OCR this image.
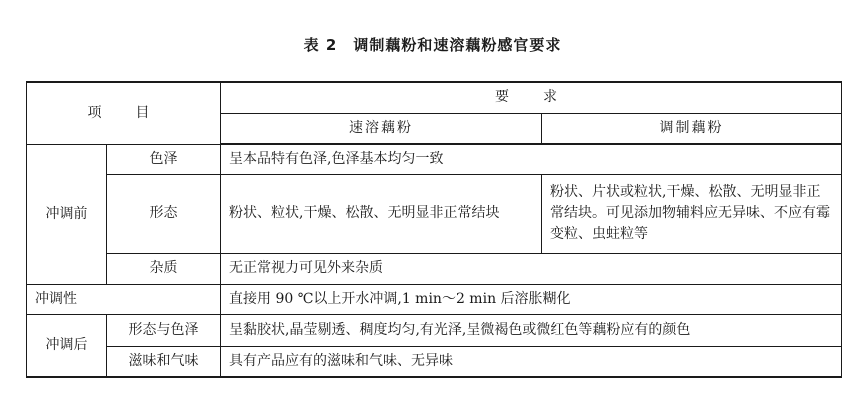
表 2 调制藕粉和速溶藕粉感官要求
项　目		要　求	
		速溶藕粉	调制藕粉
冲调前	色泽	呈本品特有色泽,色泽基本均匀一致	
	形态	粉状、粒状,干燥、松散、无明显非正常结块	粉状、片状或粒状,干燥、松散、无明显非正常结块。可见添加物辅料应无异味、不应有霉变粒、虫蛀粒等
	杂质	无正常视力可见外来杂质	
冲调性		直接用 90 ℃以上开水冲调,1 min～2 min 后溶胀糊化	
冲调后	形态与色泽	呈黏胶状,晶莹剔透、稠度均匀,有光泽,呈微褐色或微红色等藕粉应有的颜色	
	滋味和气味	具有产品应有的滋味和气味、无异味	
